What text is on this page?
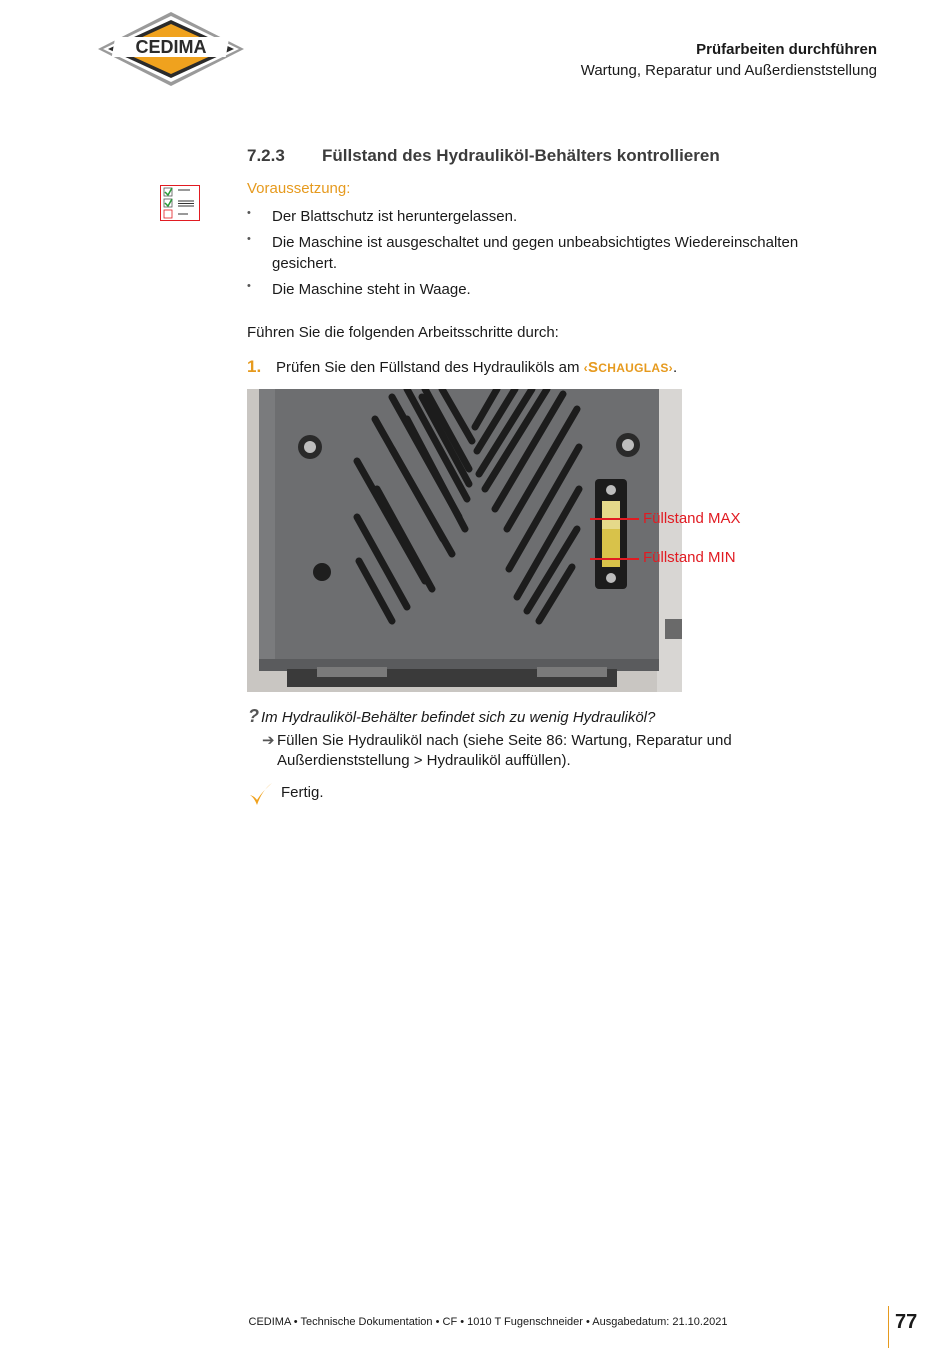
CEDIMA	Prüfarbeiten durchführen
Wartung, Reparatur und Außerdienststellung
7.2.3 Füllstand des Hydrauliköl-Behälters kontrollieren
Voraussetzung:
• Der Blattschutz ist heruntergelassen.
• Die Maschine ist ausgeschaltet und gegen unbeabsichtigtes Wiedereinschalten gesichert.
• Die Maschine steht in Waage.
Führen Sie die folgenden Arbeitsschritte durch:
1. Prüfen Sie den Füllstand des Hydrauliköls am ‹SCHAUGLAS›.
Füllstand MAX
Füllstand MIN
? Im Hydrauliköl-Behälter befindet sich zu wenig Hydrauliköl?
➔ Füllen Sie Hydrauliköl nach (siehe Seite 86: Wartung, Reparatur und Außerdienststellung > Hydrauliköl auffüllen).
Fertig.
CEDIMA • Technische Dokumentation • CF • 1010 T Fugenschneider • Ausgabedatum: 21.10.2021	77
